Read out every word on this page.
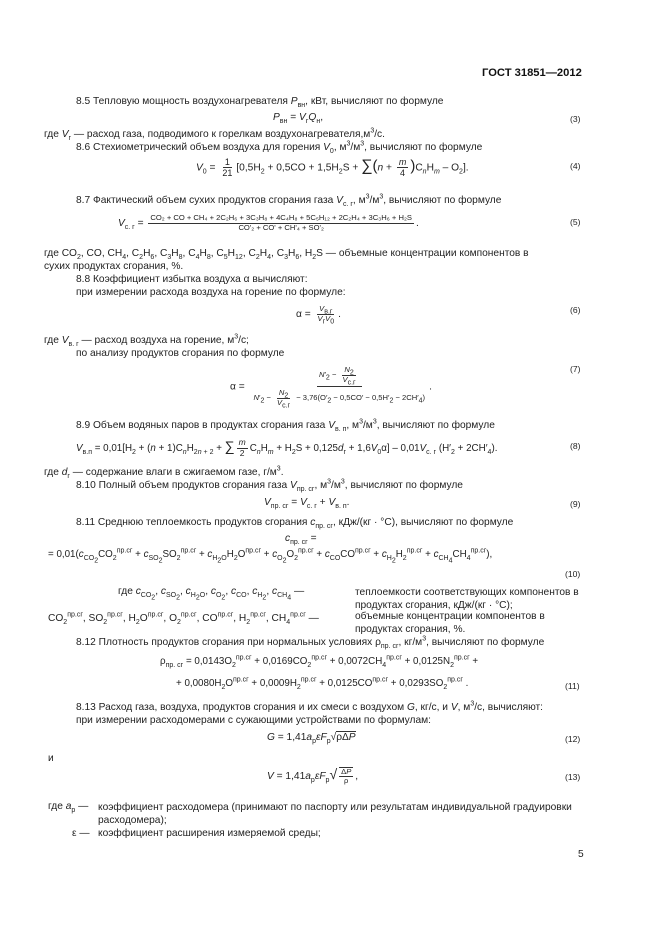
ГОСТ 31851—2012
8.5 Тепловую мощность воздухонагревателя $P_{вн}$, кВт, вычисляют по формуле
$P_{вн} = V_гQ_н$,	(3)
где $V_г$ — расход газа, подводимого к горелкам $воздухонагревателя,м^3/с$.
8.6 Стехиометрический объем воздуха для горения $V_0$, $м^3/м^3$, вычисляют по формуле
$V_0 = \frac{1}{21} [0,5H_2 + 0,5CO + 1,5H_2S + \sum(n + \frac{m}{4} )C_nH_m - O_2]$.	(4)
8.7 Фактический объем сухих продуктов сгорания газа $V_{с. г}$, $м^3/м^3$, вычисляют по формуле
$V_{с. г}$ =
CO₂ + CO + CH₄ + 2C₂H₆ + 3C₃H₈ + 4C₄H₈ + 5C₅H₁₂ + 2C₂H₄ + 3C₃H₆ + H₂S
CO'₂ + CO' + CH'₄ + SO'₂	.	(5)
где $CO_2$, CO, $CH_4$, $C_2H_6$, $C_3H_8$, $C_4H_8$, $C_5H_{12}$, $C_2H_4$, $C_3H_6$, $H_2S$ — объемные концентрации компонентов в
сухих продуктах сгорания, %.
8.8 Коэффициент избытка воздуха α вычисляют:
при измерении расхода воздуха на горение по формуле:
$\alpha = \frac{V_{в.г}}{V_гV_0}$ .	(6)
где $V_{в. г}$ — расход воздуха на горение, $м^3/с$;
по анализу продуктов сгорания по формуле
$\alpha = \frac{N'_2 - \frac{N_2}{V_{с.г}}}{N'_2 - \frac{N_2}{V_{с.г}} - 3,76(O'_2 - 0,5CO' - 0,5H'_2 - 2CH'_4)}$ .
(7)
8.9 Объем водяных паров в продуктах сгорания газа $V_{в. п}$, $м^3/м^3$, вычисляют по формуле
$V_{в.п} = 0,01[H_2 + (n + 1)C_nH_{2n + 2}$ + ∑ $\frac{m}{2} C_nH_m + H_2S + 0,125d_г + 1,6V_0\alpha] - 0,01V_{с. г}$ $(H'_2 + 2CH'_4)$.	(8)
где $d_г$ — содержание влаги в сжигаемом газе, $г/м^3$.
8.10 Полный объем продуктов сгорания газа $V_{пр. сг}$, $м^3/м^3$, вычисляют по формуле
$V_{пр. сг} = V_{с. г} + V_{в. п}$.	(9)
8.11 Среднюю теплоемкость продуктов сгорания $c_{пр. сг}$, кДж/(кг · °С), вычисляют по формуле
$c_{пр. сг}$ =
= $0,01(c_{CO_2}CO_2^{пр.сг} + c_{SO_2}SO_2^{пр.сг} + c_{H_2O}H_2O^{пр.сг} + c_{O_2}O_2^{пр.сг} + c_{CO}CO^{пр.сг} + c_{H_2}H_2^{пр.сг} + c_{CH_4}CH_4^{пр.сг})$,
(10)
где $c_{CO_2}$, $c_{SO_2}$, $c_{H_2O}$, $c_{O_2}$, $c_{CO}$, $c_{H_2}$, $c_{CH_4}$ —	теплоемкости соответствующих компонентов в продуктах сгорания, кДж/(кг · °С);
$CO_2^{пр.сг}$, $SO_2^{пр.сг}$, $H_2O^{пр.сг}$, $O_2^{пр.сг}$, $CO^{пр.сг}$, $H_2^{пр.сг}$, $CH_4^{пр.сг}$ —	объемные концентрации компонентов в продуктах сгорания, %.
8.12 Плотность продуктов сгорания при нормальных условиях $\rho_{пр. сг}$, $кг/м^3$, вычисляют по формуле
$\rho_{пр. сг} = 0,0143O_2^{пр.сг} + 0,0169CO_2^{пр.сг} + 0,0072CH_4^{пр.сг} + 0,0125N_2^{пр.сг}$ +
+ $0,0080H_2O^{пр.сг} + 0,0009H_2^{пр.сг} + 0,0125CO^{пр.сг} + 0,0293SO_2^{пр.сг}$ .	(11)
8.13 Расход газа, воздуха, продуктов сгорания и их смеси с воздухом G, кг/с, и V, $м^3/с$, вычисляют:
при измерении расходомерами с сужающими устройствами по формулам:
$G = 1,41a_р\varepsilon F_р√\rho\Delta P$	(12)
и
$V = 1,41a_р\varepsilon F_р√ \frac{\Delta P}{\rho}$ ,	(13)
где $a_р$ — коэффициент расходомера (принимают по паспорту или результатам индивидуальной градуировки расходомера);
ε — коэффициент расширения измеряемой среды;
5
